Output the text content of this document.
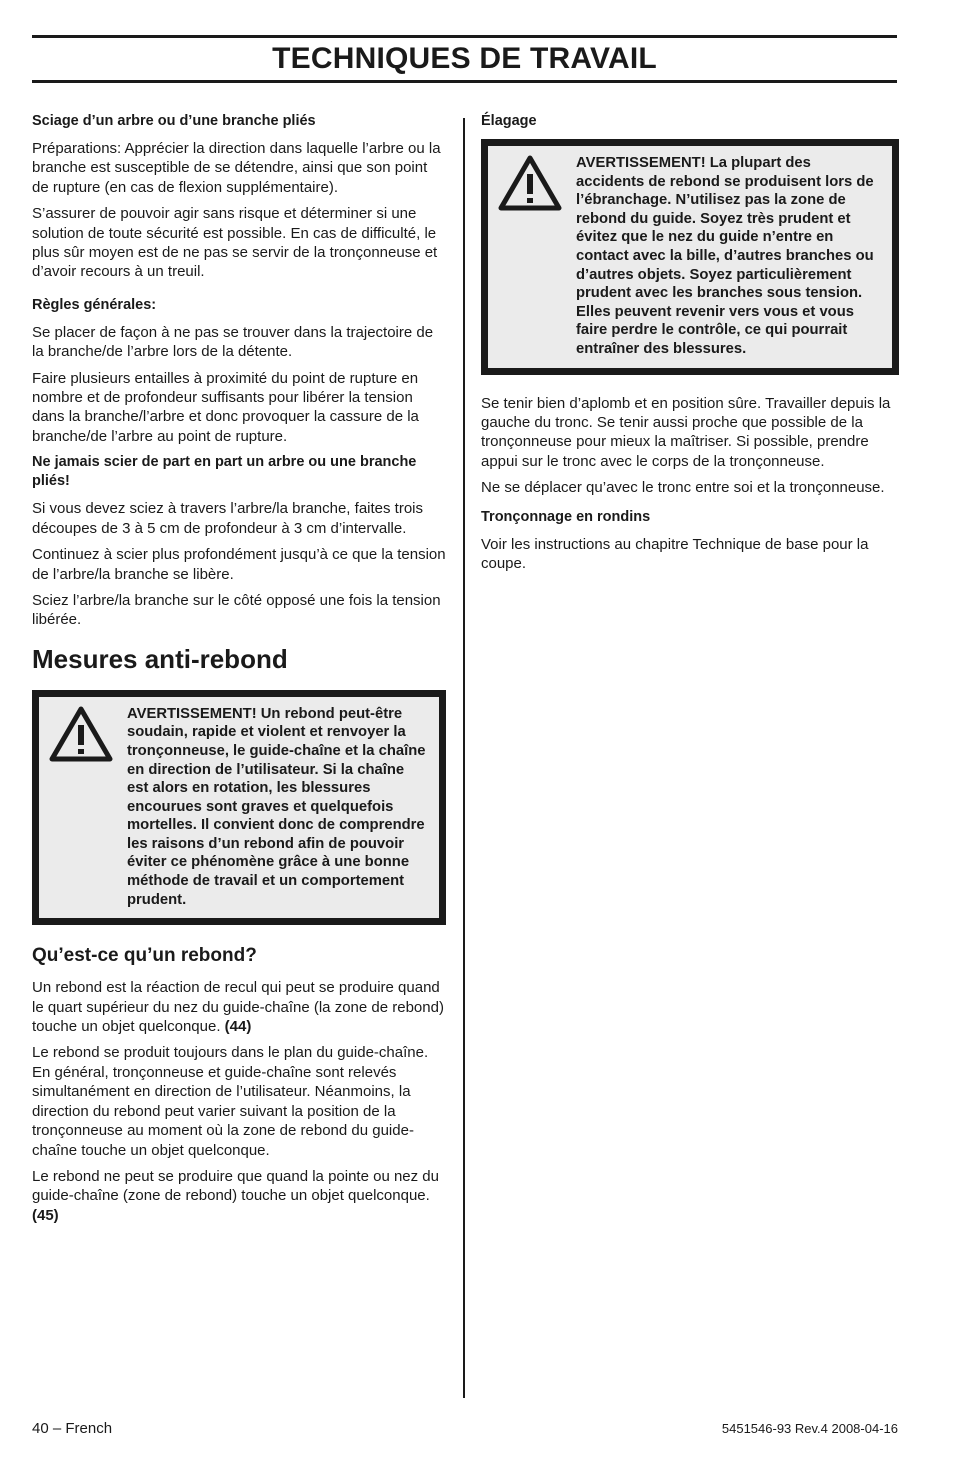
TECHNIQUES DE TRAVAIL
Sciage d’un arbre ou d’une branche pliés

Préparations: Apprécier la direction dans laquelle l’arbre ou la branche est susceptible de se détendre, ainsi que son point de rupture (en cas de flexion supplémentaire).

S’assurer de pouvoir agir sans risque et déterminer si une solution de toute sécurité est possible. En cas de difficulté, le plus sûr moyen est de ne pas se servir de la tronçonneuse et d’avoir recours à un treuil.

Règles générales:

Se placer de façon à ne pas se trouver dans la trajectoire de la branche/de l’arbre lors de la détente.

Faire plusieurs entailles à proximité du point de rupture en nombre et de profondeur suffisants pour libérer la tension dans la branche/l’arbre et donc provoquer la cassure de la branche/de l’arbre au point de rupture.

Ne jamais scier de part en part un arbre ou une branche pliés!

Si vous devez sciez à travers l’arbre/la branche, faites trois découpes de 3 à 5 cm de profondeur à 3 cm d’intervalle.

Continuez à scier plus profondément jusqu’à ce que la tension de l’arbre/la branche se libère.

Sciez l’arbre/la branche sur le côté opposé une fois la tension libérée.

Mesures anti-rebond

AVERTISSEMENT! Un rebond peut-être soudain, rapide et violent et renvoyer la tronçonneuse, le guide-chaîne et la chaîne en direction de l’utilisateur. Si la chaîne est alors en rotation, les blessures encourues sont graves et quelquefois mortelles. Il convient donc de comprendre les raisons d’un rebond afin de pouvoir éviter ce phénomène grâce à une bonne méthode de travail et un comportement prudent.

Qu’est-ce qu’un rebond?

Un rebond est la réaction de recul qui peut se produire quand le quart supérieur du nez du guide-chaîne (la zone de rebond) touche un objet quelconque. (44)

Le rebond se produit toujours dans le plan du guide-chaîne. En général, tronçonneuse et guide-chaîne sont relevés simultanément en direction de l’utilisateur. Néanmoins, la direction du rebond peut varier suivant la position de la tronçonneuse au moment où la zone de rebond du guide-chaîne touche un objet quelconque.

Le rebond ne peut se produire que quand la pointe ou nez du guide-chaîne (zone de rebond) touche un objet quelconque. (45)

Élagage

AVERTISSEMENT! La plupart des accidents de rebond se produisent lors de l’ébranchage. N’utilisez pas la zone de rebond du guide. Soyez très prudent et évitez que le nez du guide n’entre en contact avec la bille, d’autres branches ou d’autres objets. Soyez particulièrement prudent avec les branches sous tension. Elles peuvent revenir vers vous et vous faire perdre le contrôle, ce qui pourrait entraîner des blessures.

Se tenir bien d’aplomb et en position sûre. Travailler depuis la gauche du tronc. Se tenir aussi proche que possible de la tronçonneuse pour mieux la maîtriser. Si possible, prendre appui sur le tronc avec le corps de la tronçonneuse.

Ne se déplacer qu’avec le tronc entre soi et la tronçonneuse.

Tronçonnage en rondins

Voir les instructions au chapitre Technique de base pour la coupe.

40 – French	5451546-93 Rev.4 2008-04-16
